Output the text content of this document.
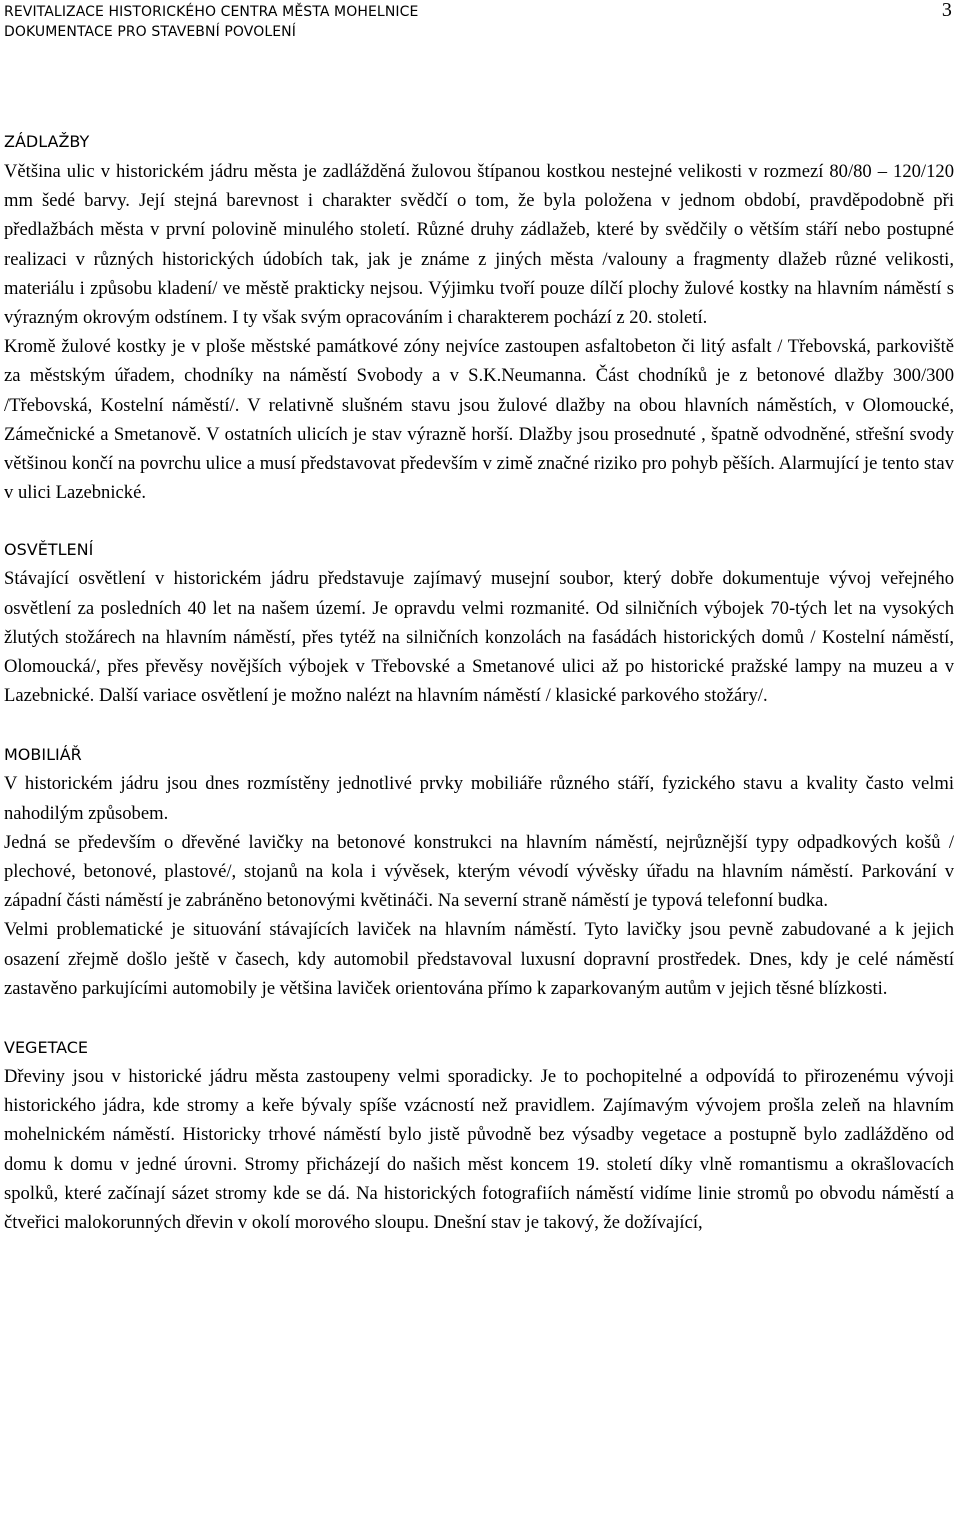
REVITALIZACE HISTORICKÉHO CENTRA MĚSTA MOHELNICE
DOKUMENTACE PRO STAVEBNÍ POVOLENÍ
3
ZÁDLAŽBY

Většina ulic v historickém jádru města je zadlážděná žulovou štípanou kostkou nestejné velikosti v rozmezí 80/80 – 120/120 mm šedé barvy. Její stejná barevnost i charakter svědčí o tom, že byla položena v jednom období, pravděpodobně při předlažbách města v první polovině minulého století. Různé druhy zádlažeb, které by svědčily o větším stáří nebo postupné realizaci v různých historických údobích tak, jak je známe z jiných města /valouny a fragmenty dlažeb různé velikosti, materiálu i způsobu kladení/ ve městě prakticky nejsou. Výjimku tvoří pouze dílčí plochy žulové kostky na hlavním náměstí s výrazným okrovým odstínem. I ty však svým opracováním i charakterem pochází z 20. století.

Kromě žulové kostky je v ploše městské památkové zóny nejvíce zastoupen asfaltobeton či litý asfalt / Třebovská, parkoviště za městským úřadem, chodníky na náměstí Svobody a v S.K.Neumanna. Část chodníků je z betonové dlažby 300/300 /Třebovská, Kostelní náměstí/. V relativně slušném stavu jsou žulové dlažby na obou hlavních náměstích, v Olomoucké, Zámečnické a Smetanově. V ostatních ulicích je stav výrazně horší. Dlažby jsou prosednuté , špatně odvodněné, střešní svody většinou končí na povrchu ulice a musí představovat především v zimě značné riziko pro pohyb pěších. Alarmující je tento stav v ulici Lazebnické.

OSVĚTLENÍ

Stávající osvětlení v historickém jádru představuje zajímavý musejní soubor, který dobře dokumentuje vývoj veřejného osvětlení za posledních 40 let na našem území. Je opravdu velmi rozmanité. Od silničních výbojek 70-tých let na vysokých žlutých stožárech na hlavním náměstí, přes tytéž na silničních konzolách na fasádách historických domů / Kostelní náměstí, Olomoucká/, přes převěsy novějších výbojek v Třebovské a Smetanové ulici až po historické pražské lampy na muzeu a v Lazebnické. Další variace osvětlení je možno nalézt na hlavním náměstí / klasické parkového stožáry/.

MOBILIÁŘ

V historickém jádru jsou dnes rozmístěny jednotlivé prvky mobiliáře různého stáří, fyzického stavu a kvality často velmi nahodilým způsobem.

Jedná se především o dřevěné lavičky na betonové konstrukci na hlavním náměstí, nejrůznější typy odpadkových košů / plechové, betonové, plastové/, stojanů na kola i vývěsek, kterým vévodí vývěsky úřadu na hlavním náměstí. Parkování v západní části náměstí je zabráněno betonovými květináči. Na severní straně náměstí je typová telefonní budka.

Velmi problematické je situování stávajících laviček na hlavním náměstí. Tyto lavičky jsou pevně zabudované a k jejich osazení zřejmě došlo ještě v časech, kdy automobil představoval luxusní dopravní prostředek. Dnes, kdy je celé náměstí zastavěno parkujícími automobily je většina laviček orientována přímo k zaparkovaným autům v jejich těsné blízkosti.

VEGETACE

Dřeviny jsou v historické jádru města zastoupeny velmi sporadicky. Je to pochopitelné a odpovídá to přirozenému vývoji historického jádra, kde stromy a keře bývaly spíše vzácností než pravidlem. Zajímavým vývojem prošla zeleň na hlavním mohelnickém náměstí. Historicky trhové náměstí bylo jistě původně bez výsadby vegetace a postupně bylo zadlážděno od domu k domu v jedné úrovni. Stromy přicházejí do našich měst koncem 19. století díky vlně romantismu a okrašlovacích spolků, které začínají sázet stromy kde se dá. Na historických fotografiích náměstí vidíme linie stromů po obvodu náměstí a čtveřici malokorunných dřevin v okolí morového sloupu. Dnešní stav je takový, že dožívající,
